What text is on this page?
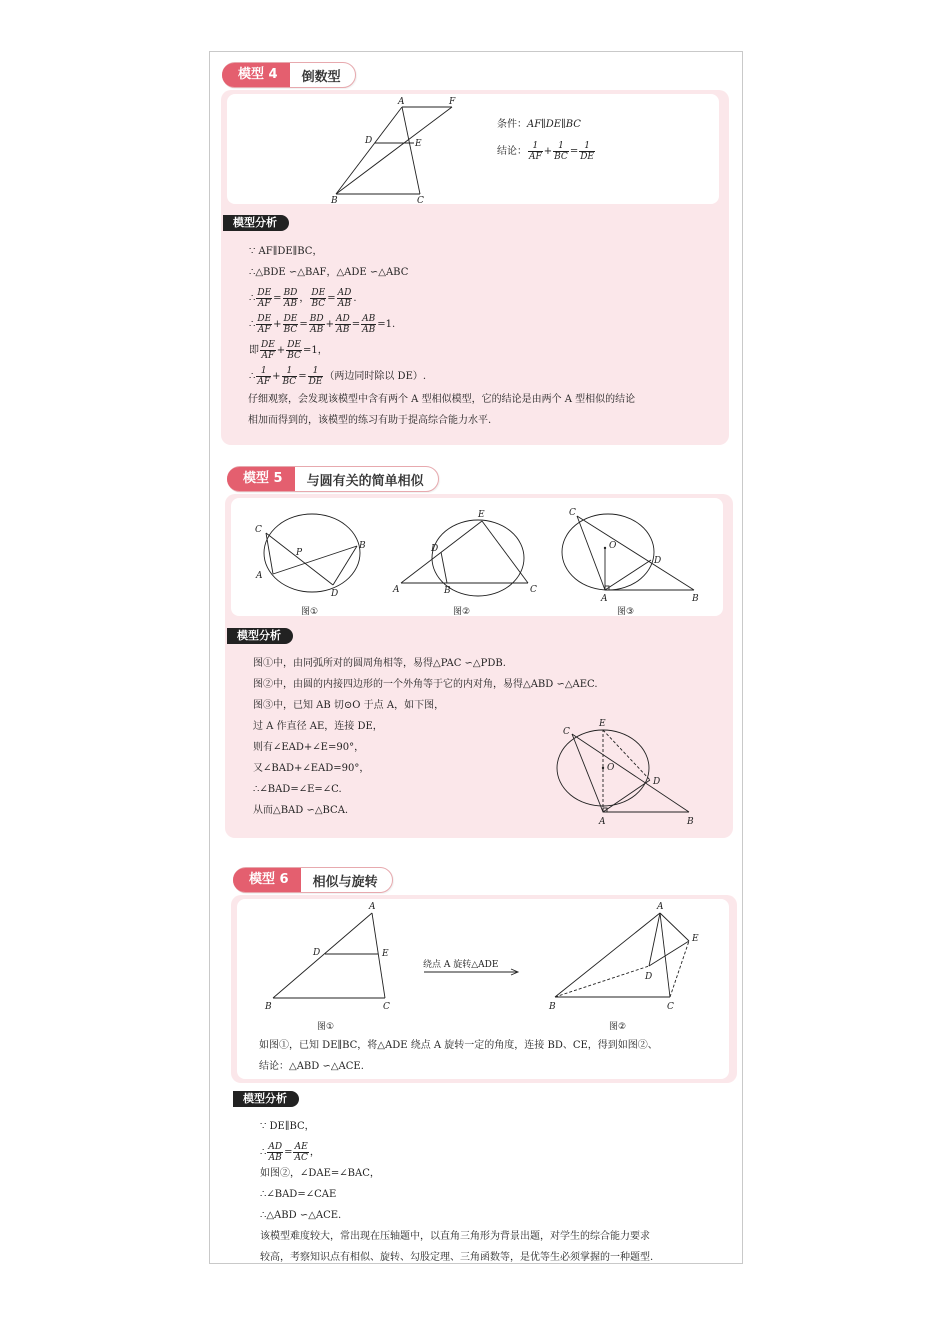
模型 4	倒数型
A	F
D	E
B	C
条件：AF∥DE∥BC
结论： $\frac{1}{AF} + \frac{1}{BC} = \frac{1}{DE}$
模型分析
∵ AF∥DE∥BC，
∴△BDE ∽△BAF，△ADE ∽△ABC
∴ $\frac{DE}{AF} = \frac{BD}{AB}$ ， $\frac{DE}{BC} = \frac{AD}{AB}$ .
∴ $\frac{DE}{AF} + \frac{DE}{BC} = \frac{BD}{AB} + \frac{AD}{AB} = \frac{AB}{AB} =1$.
即 $\frac{DE}{AF} + \frac{DE}{BC} =1$，
∴ $\frac{1}{AF} + \frac{1}{BC} = \frac{1}{DE}$ （两边同时除以 DE）.
仔细观察，会发现该模型中含有两个 A 型相似模型，它的结论是由两个 A 型相似的结论
相加而得到的，该模型的练习有助于提高综合能力水平.
模型 5	与圆有关的简单相似
C
B
P
A
D
E
D
A	B	C
C
O
D
A	B
图①	图②	图③
模型分析
图①中，由同弧所对的圆周角相等，易得△PAC ∽△PDB.
图②中，由圆的内接四边形的一个外角等于它的内对角，易得△ABD ∽△AEC.
图③中，已知 AB 切⊙O 于点 A，如下图，
过 A 作直径 AE，连接 DE，
则有∠EAD+∠E=90°，
又∠BAD+∠EAD=90°，
∴∠BAD=∠E=∠C.
从而△BAD ∽△BCA.
E
C
O
D
A	B
模型 6	相似与旋转
A
D	E
B	C
A
E
D
B	C
绕点 A 旋转△ADE
图①	图②
如图①，已知 DE∥BC，将△ADE 绕点 A 旋转一定的角度，连接 BD、CE，得到如图②、
结论：△ABD ∽△ACE.
模型分析
∵ DE∥BC，
∴ $\frac{AD}{AB} = \frac{AE}{AC}$ ，
如图②，∠DAE=∠BAC，
∴∠BAD=∠CAE
∴△ABD ∽△ACE.
该模型难度较大，常出现在压轴题中，以直角三角形为背景出题，对学生的综合能力要求
较高，考察知识点有相似、旋转、勾股定理、三角函数等，是优等生必须掌握的一种题型.
